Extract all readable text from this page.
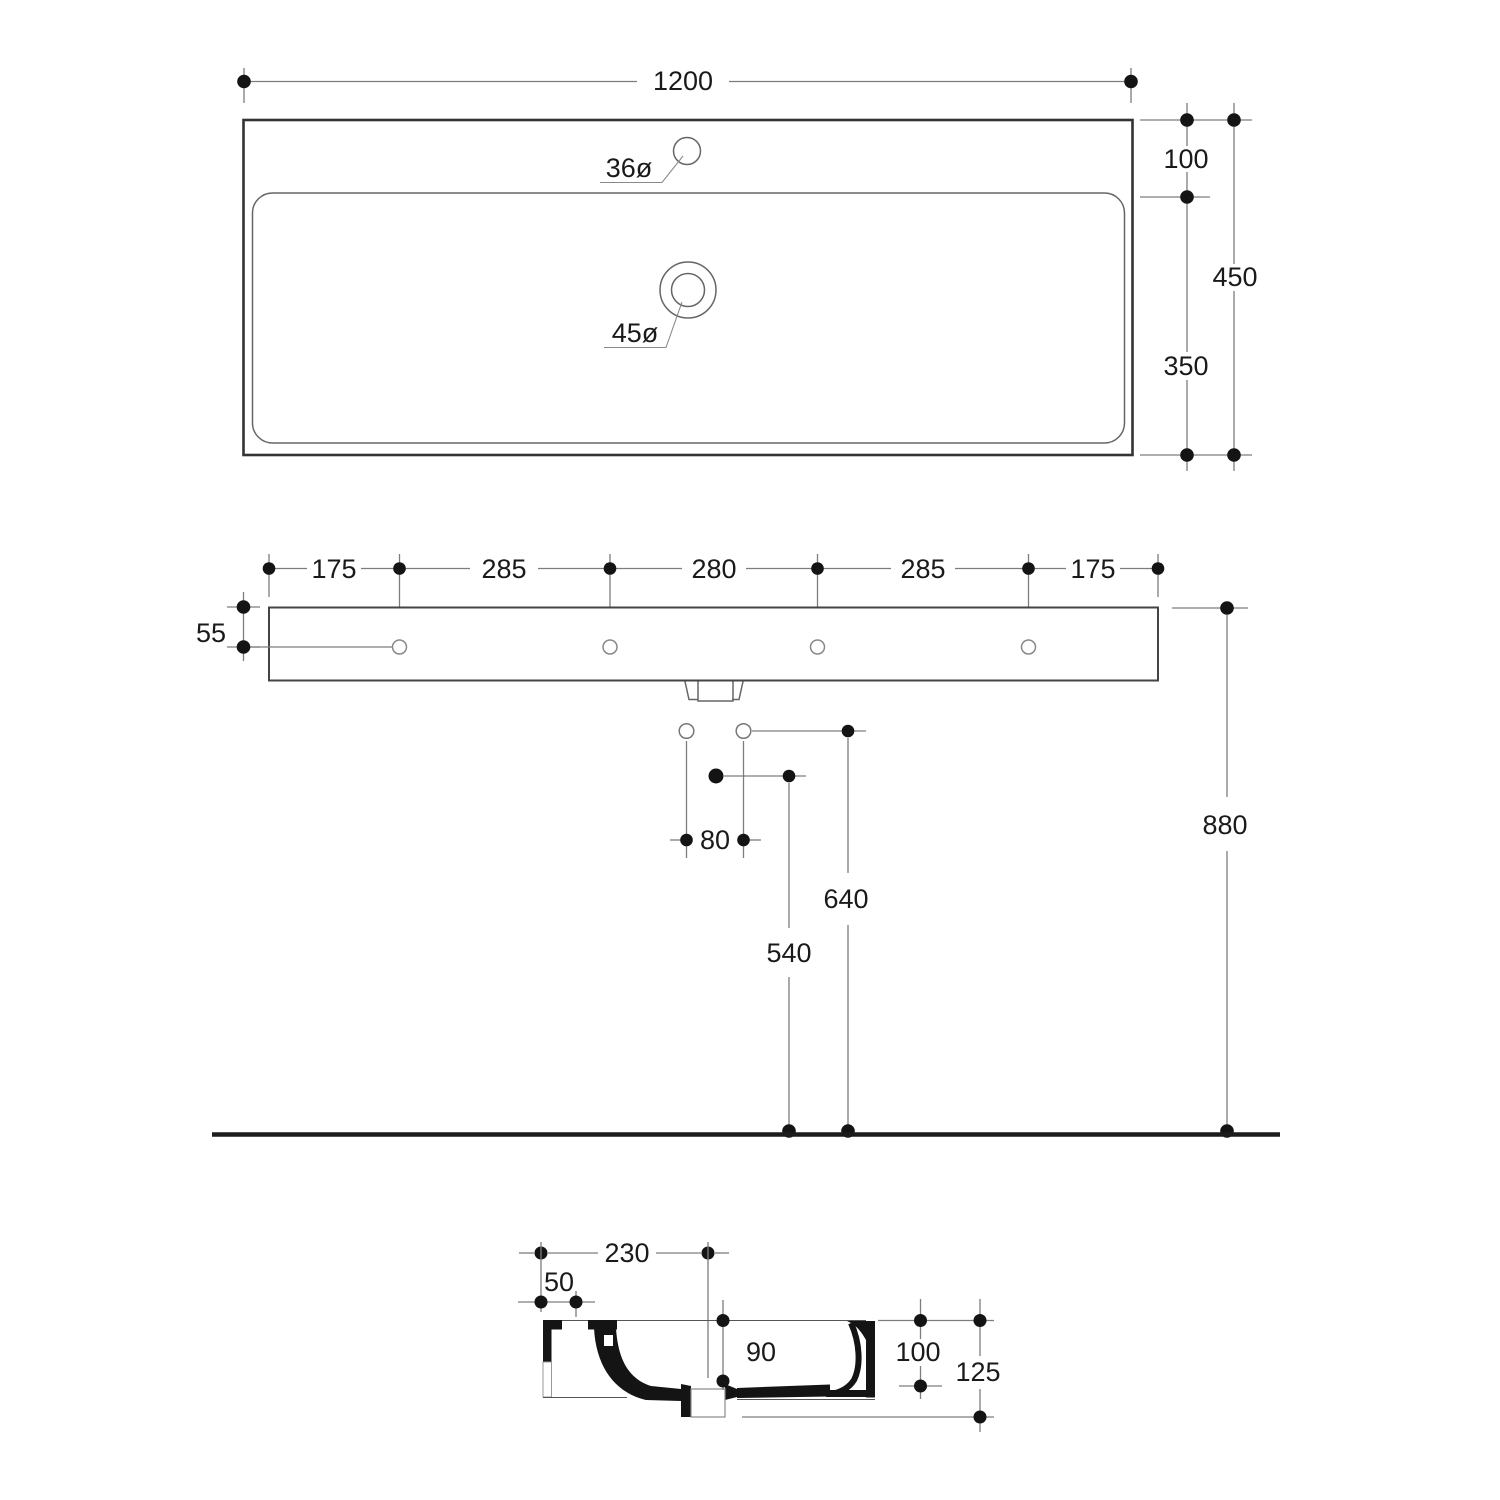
1200
36ø
45ø
100
350
450
175	285	280	285	175
55
80
540
640
880
230
50
90	100
125
